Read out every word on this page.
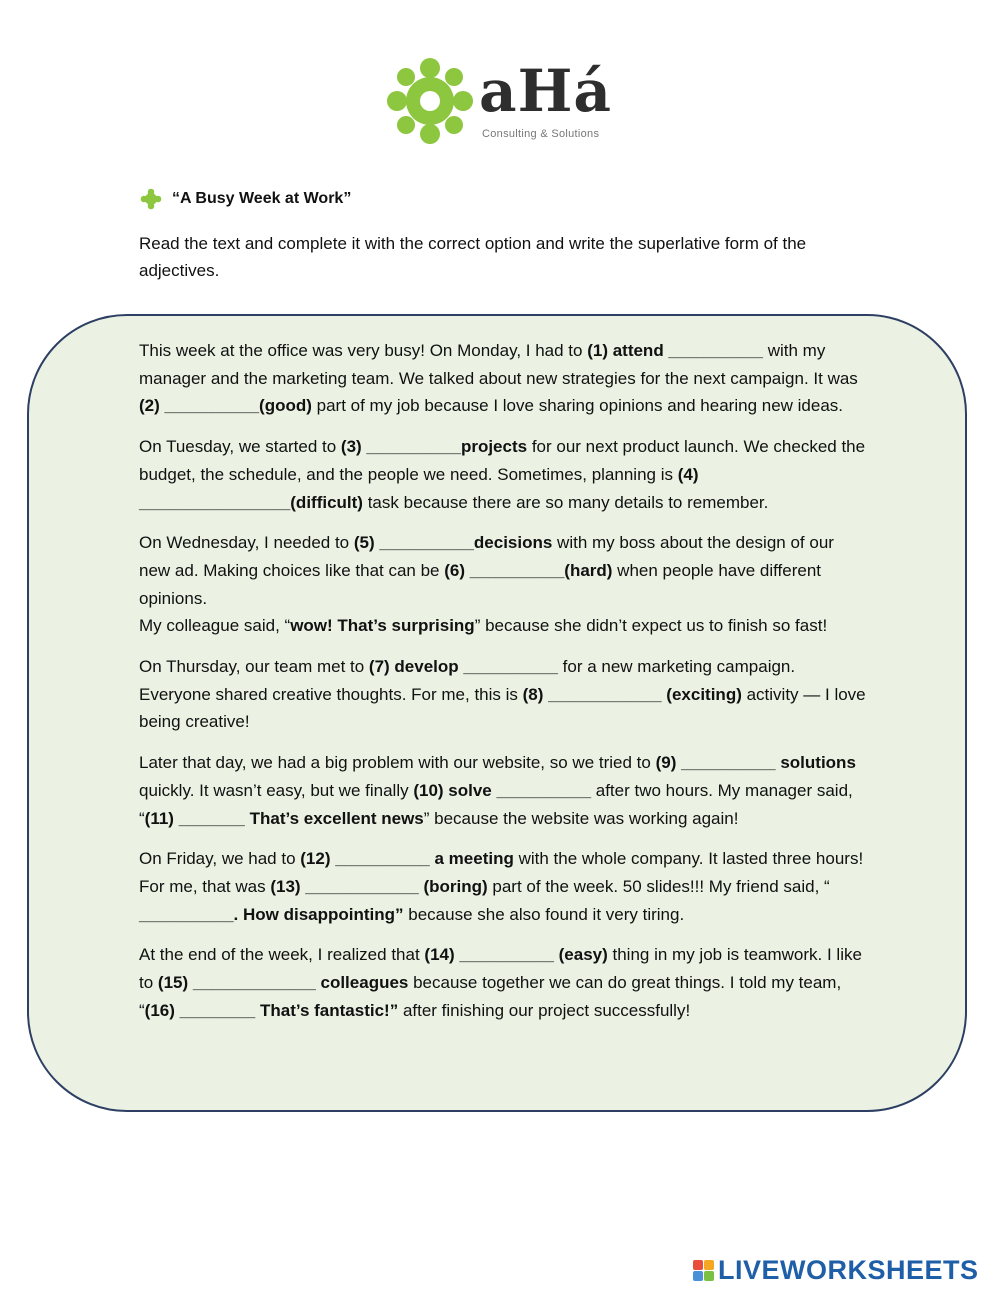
aHá
Consulting & Solutions
“A Busy Week at Work”
Read the text and complete it with the correct option and write the superlative form of the adjectives.

This week at the office was very busy! On Monday, I had to (1) attend __________ with my manager and the marketing team. We talked about new strategies for the next campaign. It was (2) __________(good) part of my job because I love sharing opinions and hearing new ideas.

On Tuesday, we started to (3) __________projects for our next product launch. We checked the budget, the schedule, and the people we need. Sometimes, planning is (4) ________________(difficult) task because there are so many details to remember.

On Wednesday, I needed to (5) __________decisions with my boss about the design of our new ad. Making choices like that can be (6) __________(hard) when people have different opinions.
My colleague said, “wow! That’s surprising” because she didn’t expect us to finish so fast!

On Thursday, our team met to (7) develop __________ for a new marketing campaign. Everyone shared creative thoughts. For me, this is (8) ____________ (exciting) activity — I love being creative!

Later that day, we had a big problem with our website, so we tried to (9) __________ solutions quickly. It wasn’t easy, but we finally (10) solve __________ after two hours. My manager said, “(11) _______ That’s excellent news” because the website was working again!

On Friday, we had to (12) __________ a meeting with the whole company. It lasted three hours! For me, that was (13) ____________ (boring) part of the week. 50 slides!!! My friend said, “ __________. How disappointing” because she also found it very tiring.

At the end of the week, I realized that (14) __________ (easy) thing in my job is teamwork. I like to (15) _____________ colleagues because together we can do great things. I told my team, “(16) ________ That’s fantastic!” after finishing our project successfully!

LIVEWORKSHEETS
